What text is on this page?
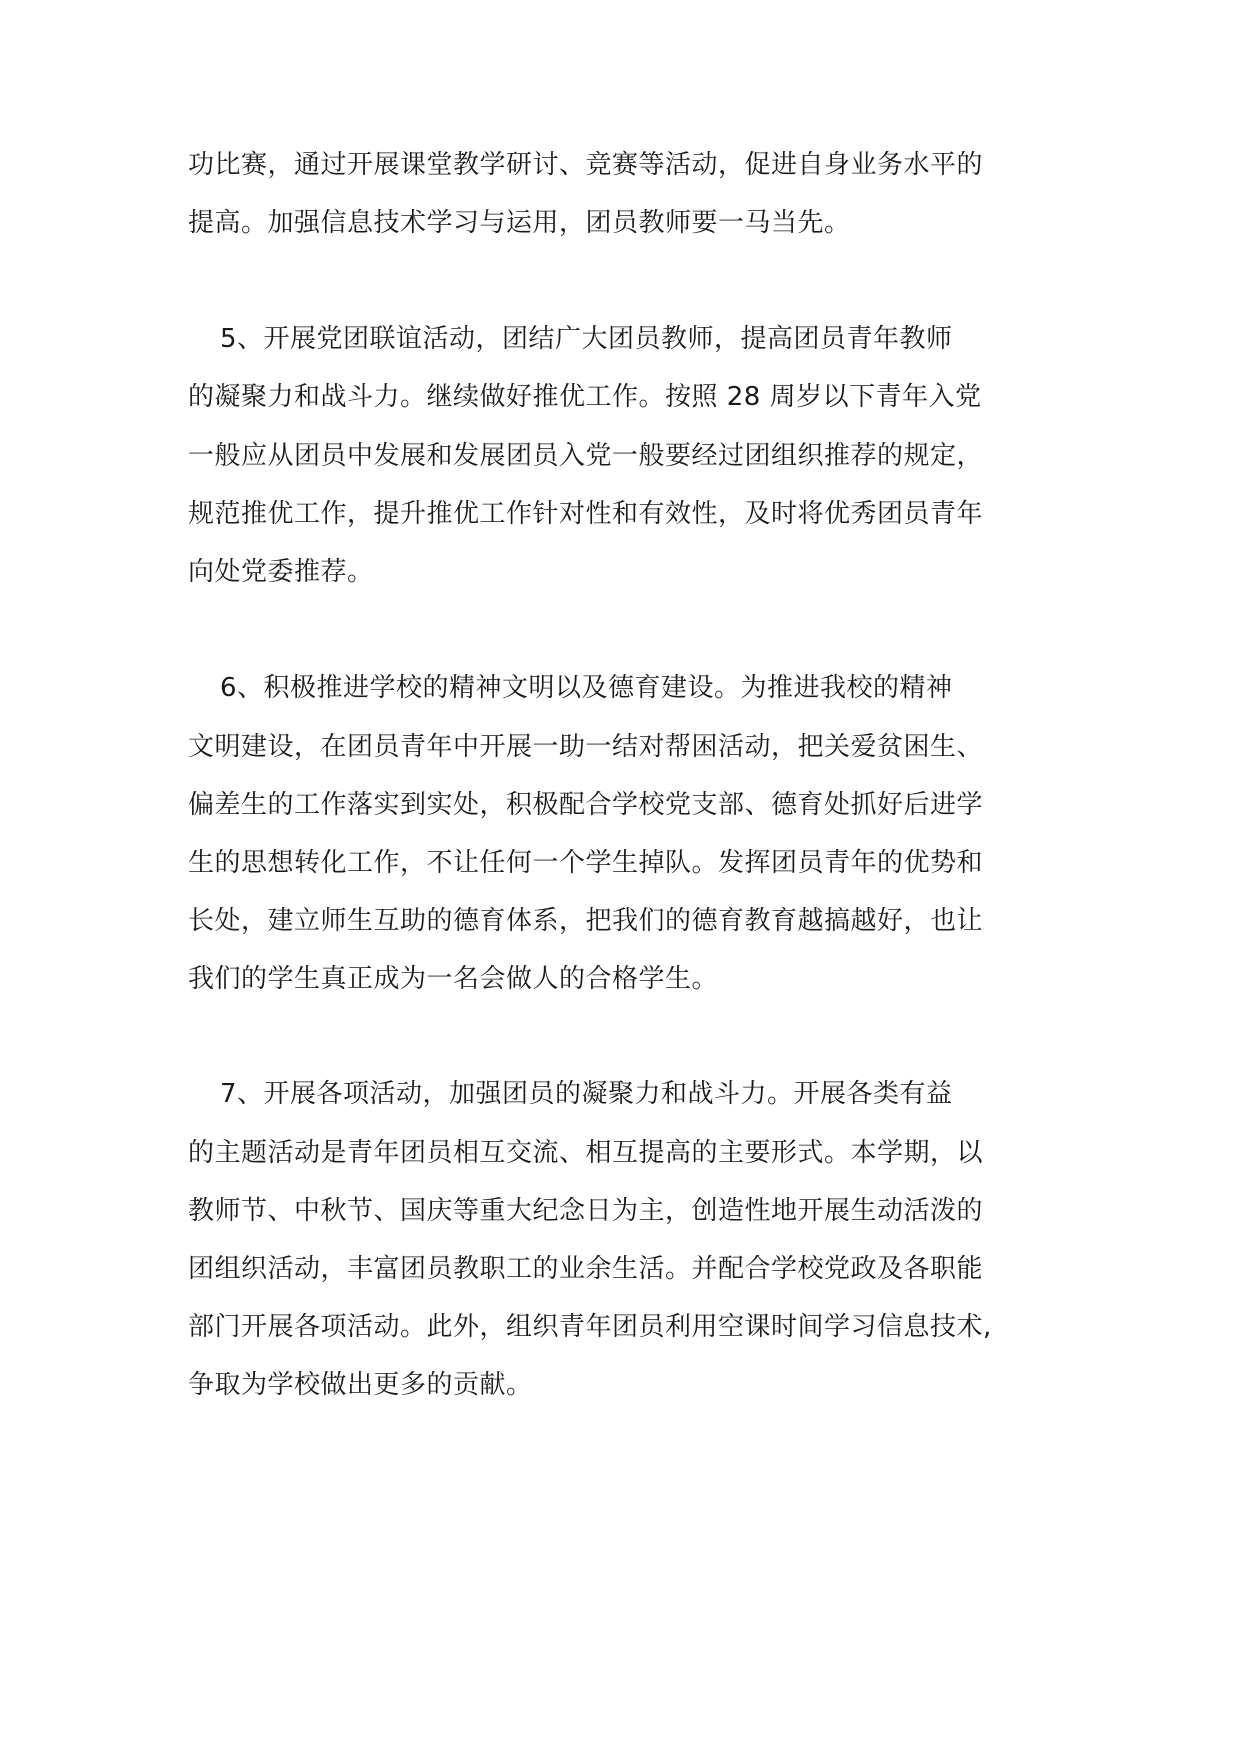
功比赛，通过开展课堂教学研讨、竞赛等活动，促进自身业务水平的
提高。加强信息技术学习与运用，团员教师要一马当先。
5、开展党团联谊活动，团结广大团员教师，提高团员青年教师
的凝聚力和战斗力。继续做好推优工作。按照 28 周岁以下青年入党
一般应从团员中发展和发展团员入党一般要经过团组织推荐的规定，
规范推优工作，提升推优工作针对性和有效性，及时将优秀团员青年
向处党委推荐。
6、积极推进学校的精神文明以及德育建设。为推进我校的精神
文明建设，在团员青年中开展一助一结对帮困活动，把关爱贫困生、
偏差生的工作落实到实处，积极配合学校党支部、德育处抓好后进学
生的思想转化工作，不让任何一个学生掉队。发挥团员青年的优势和
长处，建立师生互助的德育体系，把我们的德育教育越搞越好，也让
我们的学生真正成为一名会做人的合格学生。
7、开展各项活动，加强团员的凝聚力和战斗力。开展各类有益
的主题活动是青年团员相互交流、相互提高的主要形式。本学期，以
教师节、中秋节、国庆等重大纪念日为主，创造性地开展生动活泼的
团组织活动，丰富团员教职工的业余生活。并配合学校党政及各职能
部门开展各项活动。此外，组织青年团员利用空课时间学习信息技术,
争取为学校做出更多的贡献。
